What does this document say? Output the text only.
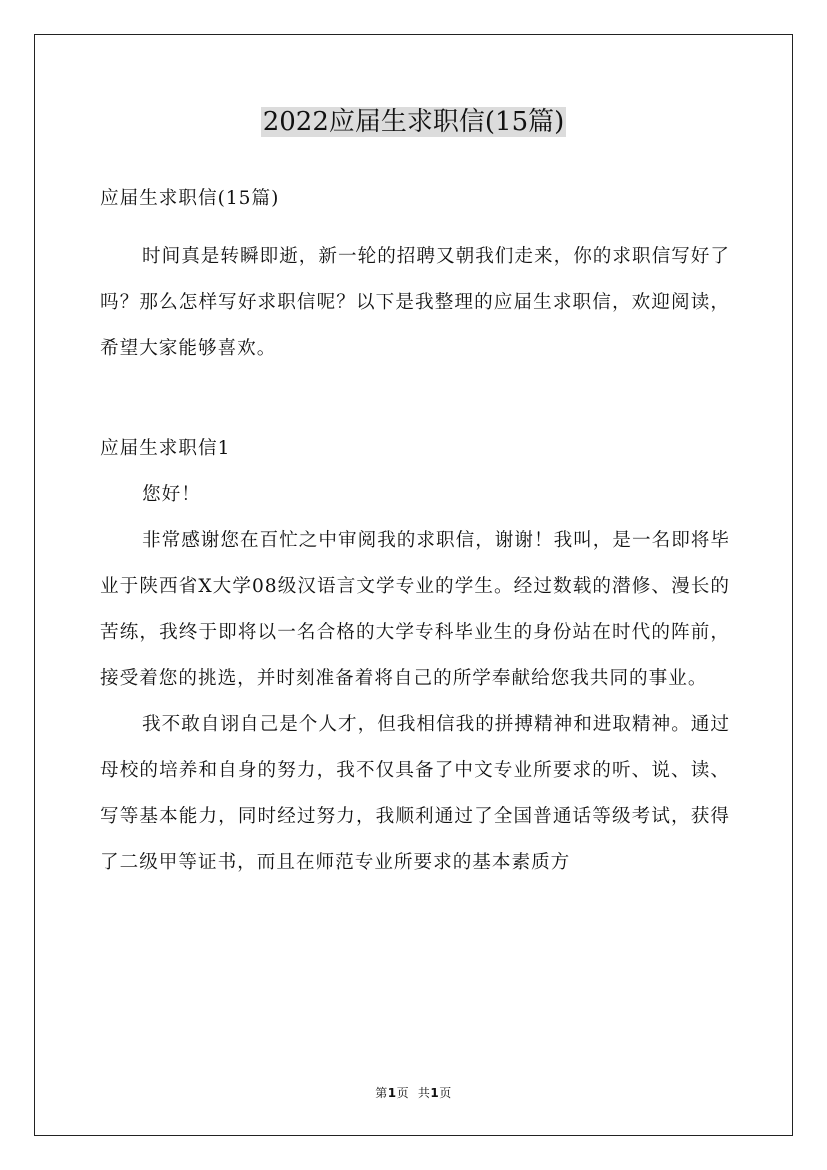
2022应届生求职信(15篇)

应届生求职信(15篇)

时间真是转瞬即逝，新一轮的招聘又朝我们走来，你的求职信写好了吗？那么怎样写好求职信呢？以下是我整理的应届生求职信，欢迎阅读，希望大家能够喜欢。

应届生求职信1

您好！

非常感谢您在百忙之中审阅我的求职信，谢谢！我叫，是一名即将毕业于陕西省X大学08级汉语言文学专业的学生。经过数载的潜修、漫长的苦练，我终于即将以一名合格的大学专科毕业生的身份站在时代的阵前，接受着您的挑选，并时刻准备着将自己的所学奉献给您我共同的事业。

我不敢自诩自己是个人才，但我相信我的拼搏精神和进取精神。通过母校的培养和自身的努力，我不仅具备了中文专业所要求的听、说、读、写等基本能力，同时经过努力，我顺利通过了全国普通话等级考试，获得了二级甲等证书，而且在师范专业所要求的基本素质方

第1页 共1页
